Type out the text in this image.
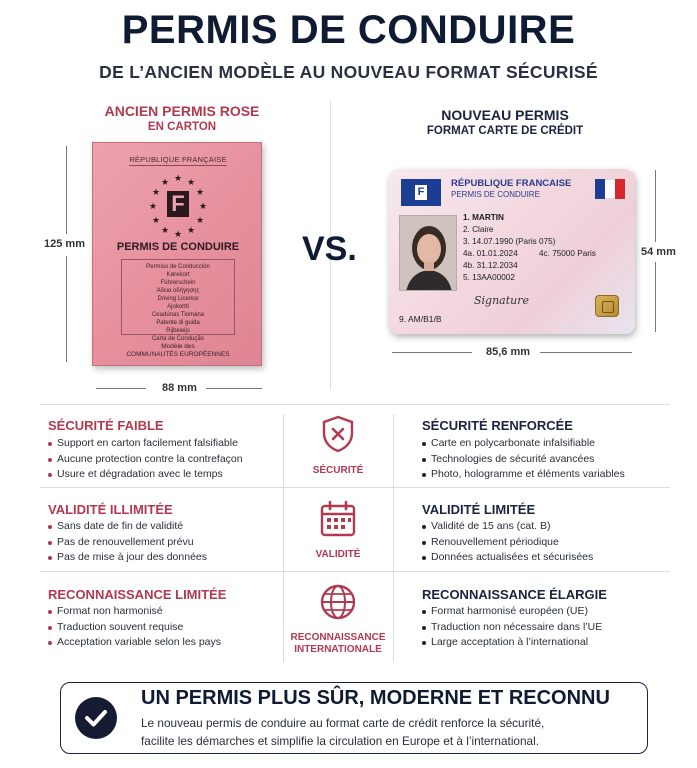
PERMIS DE CONDUIRE
DE L’ANCIEN MODÈLE AU NOUVEAU FORMAT SÉCURISÉ
ANCIEN PERMIS ROSE
EN CARTON
NOUVEAU PERMIS
FORMAT CARTE DE CRÉDIT
125 mm
RÉPUBLIQUE FRANÇAISE
★ ★
★
★
★
★
★
★
★
★
★
★
F
PERMIS DE CONDUIRE
Permiso de Conducción
Kørekort
Führerschein
Άδεια οδήγησης
Driving Licence
Ajokortti
Ceadúnas Tiomána
Patente di guida
Rijbewijs
Carta de Condução
Modèle des
COMMUNAUTÉS EUROPÉENNES
88 mm
VS.
F
RÉPUBLIQUE FRANCAISE
PERMIS DE CONDUIRE
1. MARTIN
2. Claire
3. 14.07.1990 (Paris 075)
4a. 01.01.2024	4c. 75000 Paris
4b. 31.12.2034
5. 13AA00002
Signature
9. AM/B1/B
54 mm
85,6 mm
SÉCURITÉ FAIBLE
Support en carton facilement falsifiable
Aucune protection contre la contrefaçon
Usure et dégradation avec le temps	SÉCURITÉ
SÉCURITÉ RENFORCÉE
Carte en polycarbonate infalsifiable
Technologies de sécurité avancées
Photo, hologramme et éléments variables
VALIDITÉ ILLIMITÉE
Sans date de fin de validité
Pas de renouvellement prévu
Pas de mise à jour des données	VALIDITÉ
VALIDITÉ LIMITÉE
Validité de 15 ans (cat. B)
Renouvellement périodique
Données actualisées et sécurisées
RECONNAISSANCE LIMITÉE
Format non harmonisé
Traduction souvent requise
Acceptation variable selon les pays	RECONNAISSANCE
INTERNATIONALE
RECONNAISSANCE ÉLARGIE
Format harmonisé européen (UE)
Traduction non nécessaire dans l’UE
Large acceptation à l’international
UN PERMIS PLUS SÛR, MODERNE ET RECONNU
Le nouveau permis de conduire au format carte de crédit renforce la sécurité,
facilite les démarches et simplifie la circulation en Europe et à l’international.
